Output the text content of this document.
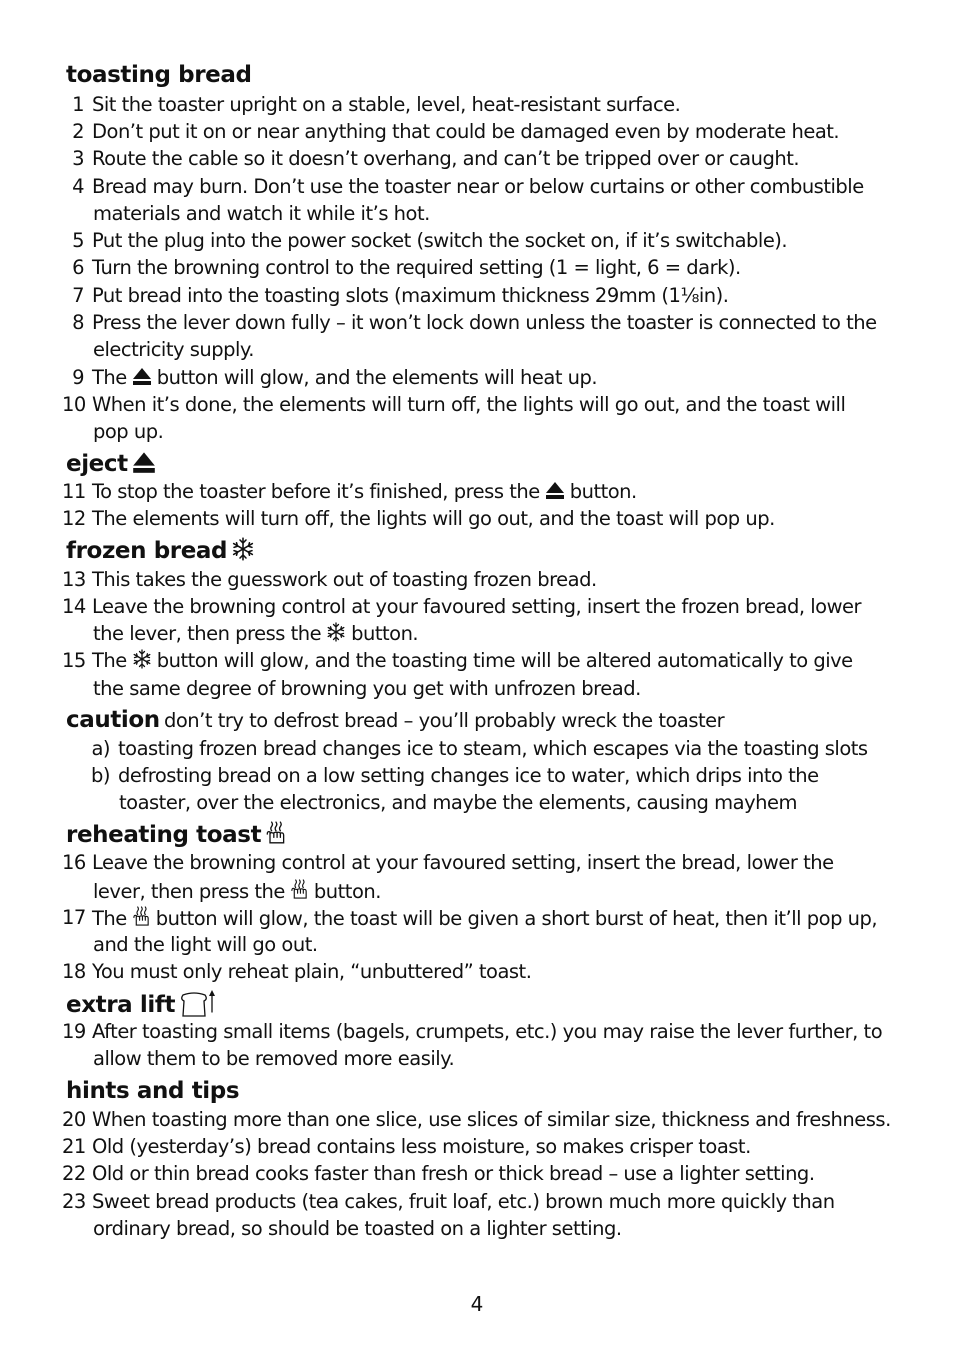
toasting bread
1 Sit the toaster upright on a stable, level, heat-resistant surface.
2 Don’t put it on or near anything that could be damaged even by moderate heat.
3 Route the cable so it doesn’t overhang, and can’t be tripped over or caught.
4 Bread may burn. Don’t use the toaster near or below curtains or other combustible
materials and watch it while it’s hot.
5 Put the plug into the power socket (switch the socket on, if it’s switchable).
6 Turn the browning control to the required setting (1 = light, 6 = dark).
7 Put bread into the toasting slots (maximum thickness 29mm (1⅛in).
8 Press the lever down fully – it won’t lock down unless the toaster is connected to the
electricity supply.
9 The button will glow, and the elements will heat up.
10 When it’s done, the elements will turn off, the lights will go out, and the toast will
pop up.
eject
11 To stop the toaster before it’s finished, press the button.
12 The elements will turn off, the lights will go out, and the toast will pop up.
frozen bread
13 This takes the guesswork out of toasting frozen bread.
14 Leave the browning control at your favoured setting, insert the frozen bread, lower
the lever, then press the button.
15 The button will glow, and the toasting time will be altered automatically to give
the same degree of browning you get with unfrozen bread.
caution don’t try to defrost bread – you’ll probably wreck the toaster
a) toasting frozen bread changes ice to steam, which escapes via the toasting slots
b) defrosting bread on a low setting changes ice to water, which drips into the
toaster, over the electronics, and maybe the elements, causing mayhem
reheating toast
16 Leave the browning control at your favoured setting, insert the bread, lower the
lever, then press the button.
17 The button will glow, the toast will be given a short burst of heat, then it’ll pop up,
and the light will go out.
18 You must only reheat plain, “unbuttered” toast.
extra lift
19 After toasting small items (bagels, crumpets, etc.) you may raise the lever further, to
allow them to be removed more easily.
hints and tips
20 When toasting more than one slice, use slices of similar size, thickness and freshness.
21 Old (yesterday’s) bread contains less moisture, so makes crisper toast.
22 Old or thin bread cooks faster than fresh or thick bread – use a lighter setting.
23 Sweet bread products (tea cakes, fruit loaf, etc.) brown much more quickly than
ordinary bread, so should be toasted on a lighter setting.
4
